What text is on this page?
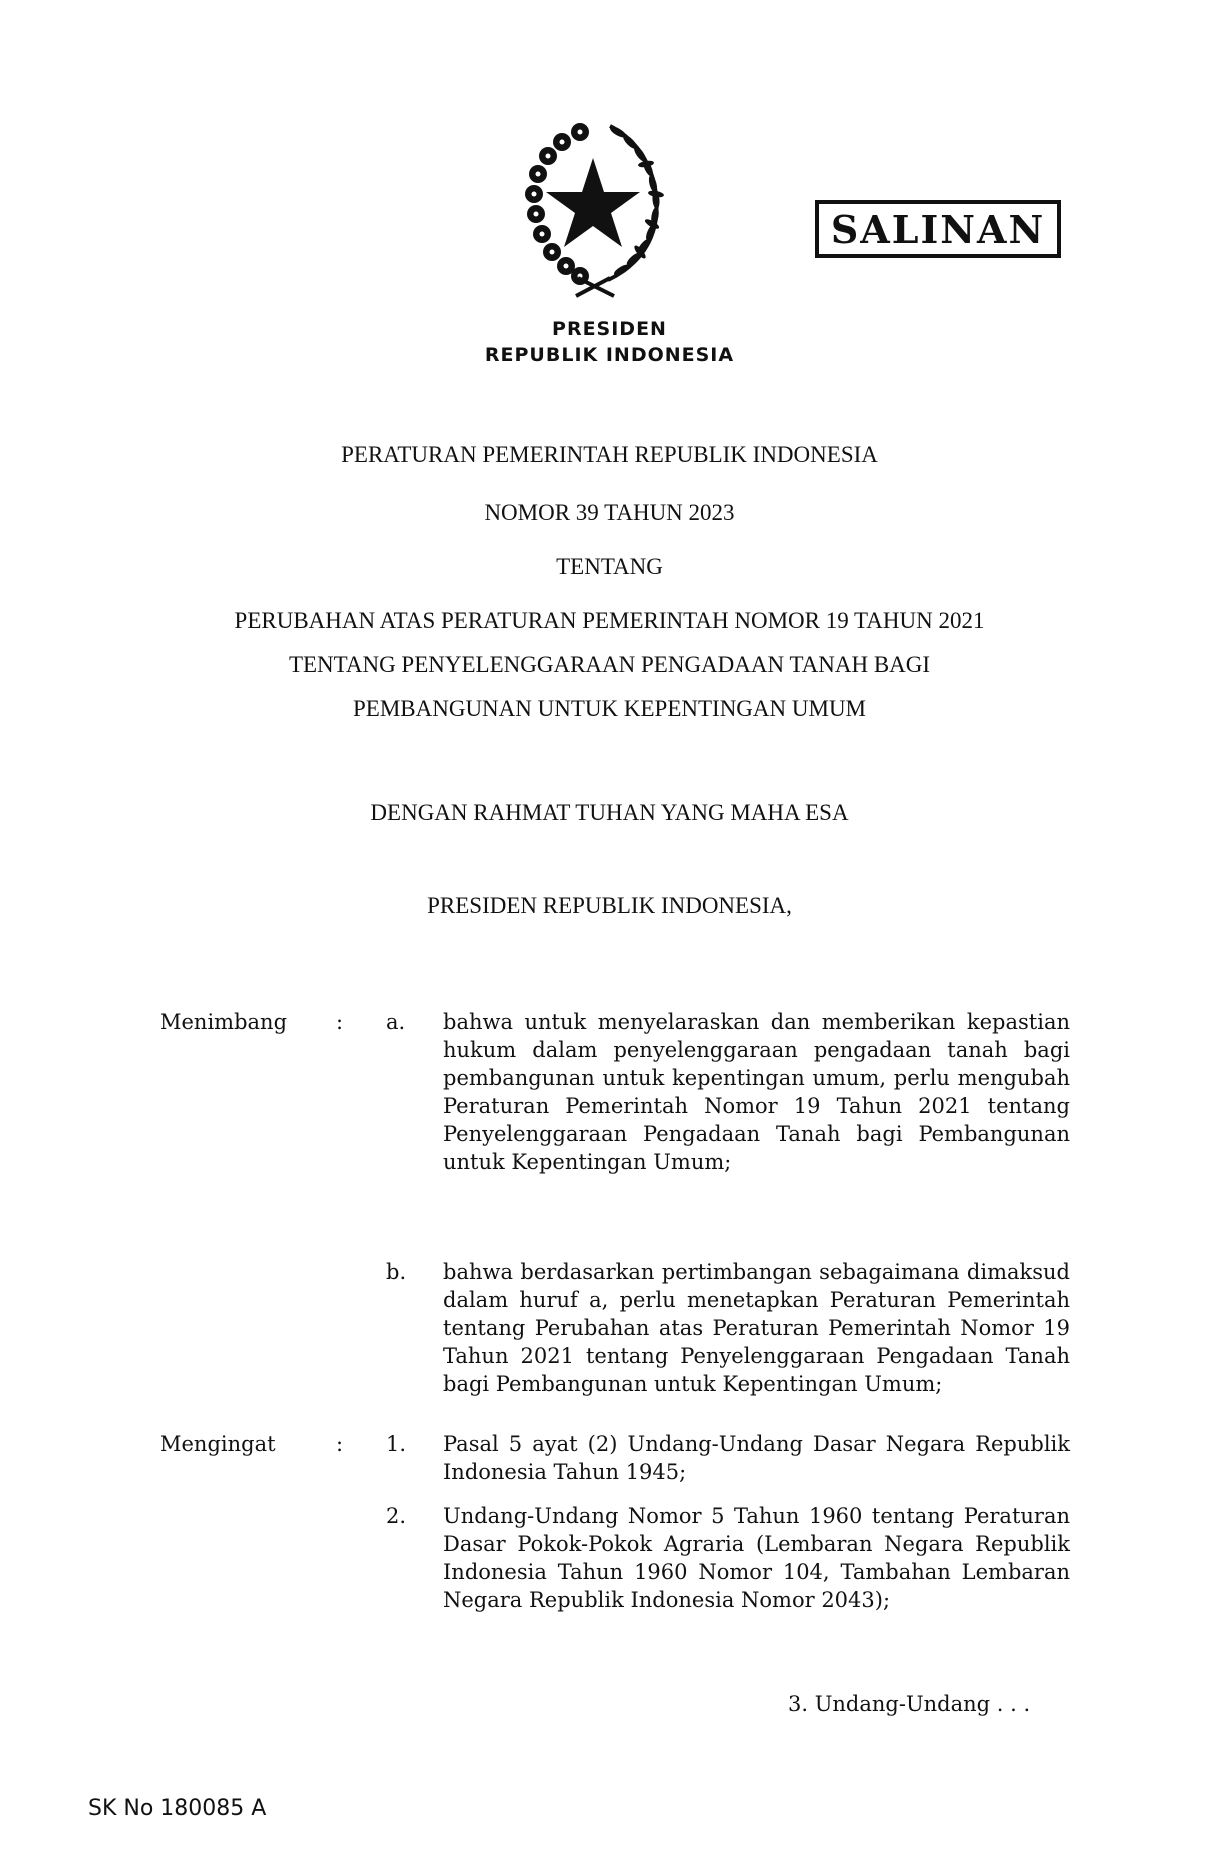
SALINAN
PRESIDEN
REPUBLIK INDONESIA
PERATURAN PEMERINTAH REPUBLIK INDONESIA
NOMOR 39 TAHUN 2023
TENTANG
PERUBAHAN ATAS PERATURAN PEMERINTAH NOMOR 19 TAHUN 2021
TENTANG PENYELENGGARAAN PENGADAAN TANAH BAGI
PEMBANGUNAN UNTUK KEPENTINGAN UMUM
DENGAN RAHMAT TUHAN YANG MAHA ESA
PRESIDEN REPUBLIK INDONESIA,
Menimbang : a. bahwa untuk menyelaraskan dan memberikan kepastian hukum dalam penyelenggaraan pengadaan tanah bagi pembangunan untuk kepentingan umum, perlu mengubah Peraturan Pemerintah Nomor 19 Tahun 2021 tentang Penyelenggaraan Pengadaan Tanah bagi Pembangunan untuk Kepentingan Umum;
b. bahwa berdasarkan pertimbangan sebagaimana dimaksud dalam huruf a, perlu menetapkan Peraturan Pemerintah tentang Perubahan atas Peraturan Pemerintah Nomor 19 Tahun 2021 tentang Penyelenggaraan Pengadaan Tanah bagi Pembangunan untuk Kepentingan Umum;
Mengingat	: 1. Pasal 5 ayat (2) Undang-Undang Dasar Negara Republik Indonesia Tahun 1945;
2. Undang-Undang Nomor 5 Tahun 1960 tentang Peraturan Dasar Pokok-Pokok Agraria (Lembaran Negara Republik Indonesia Tahun 1960 Nomor 104, Tambahan Lembaran Negara Republik Indonesia Nomor 2043);
3. Undang-Undang . . .
SK No 180085 A
